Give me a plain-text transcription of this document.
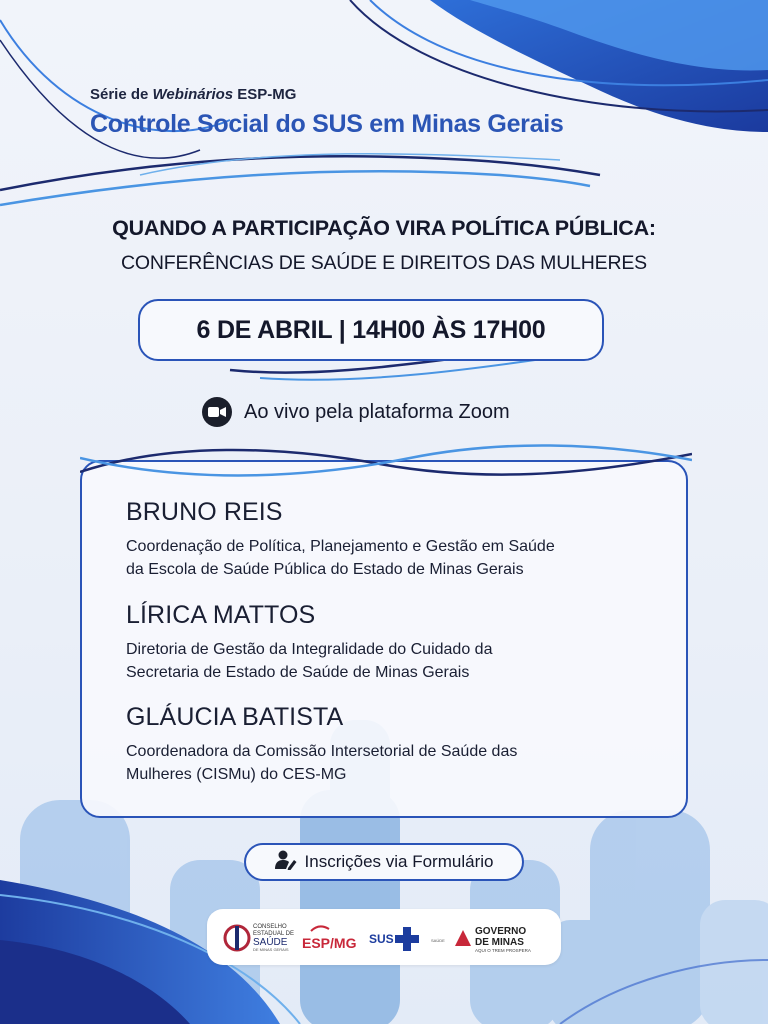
Série de Webinários ESP-MG
Controle Social do SUS em Minas Gerais
QUANDO A PARTICIPAÇÃO VIRA POLÍTICA PÚBLICA:
CONFERÊNCIAS DE SAÚDE E DIREITOS DAS MULHERES
6 DE ABRIL | 14H00 ÀS 17H00
Ao vivo pela plataforma Zoom
BRUNO REIS
Coordenação de Política, Planejamento e Gestão em Saúde
da Escola de Saúde Pública do Estado de Minas Gerais
LÍRICA MATTOS
Diretoria de Gestão da Integralidade do Cuidado da
Secretaria de Estado de Saúde de Minas Gerais
GLÁUCIA BATISTA
Coordenadora da Comissão Intersetorial de Saúde das
Mulheres (CISMu) do CES-MG
Inscrições via Formulário
CONSELHO
ESTADUAL DE
SAÚDE
DE MINAS GERAIS ESP/MG SUS	SAÚDE
GOVERNO
DE MINAS
AQUI O TREM PROSPERA
